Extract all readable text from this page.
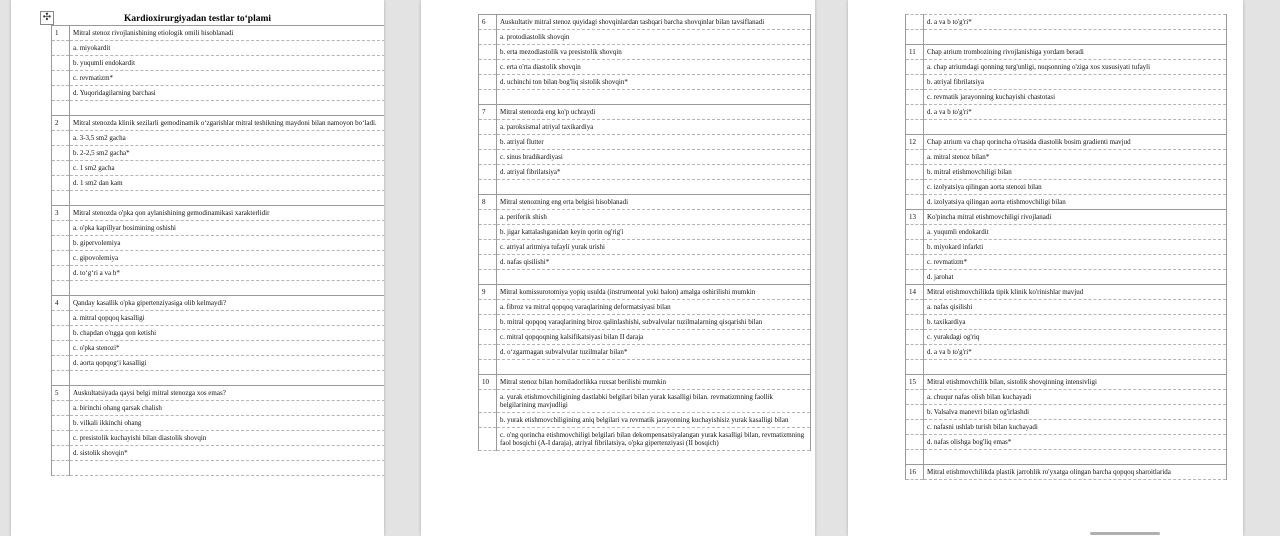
✣	Kardioxirurgiyadan testlar to‘plami
1	Mitral stenoz rivojlanishining etiologik omili hisoblanadi
	a. miyokardit
	b. yuqumli endokardit
	c. revmatizm*
	d. Yuqoridagilarning barchasi

2	Mitral stenozda klinik sezilarli gemodinamik o‘zgarishlar mitral teshikning maydoni bilan namoyon bo‘ladi.
	a. 3-3,5 sm2 gacha
	b. 2-2,5 sm2 gacha*
	c. 1 sm2 gacha
	d. 1 sm2 dan kam

3	Mitral stenozda o'pka qon aylanishining gemodinamikasi xarakterlidir
	a. o'pka kapillyar bosimining oshishi
	b. gipervolemiya
	c. gipovolemiya
	d. to‘g‘ri a va b*

4	Qanday kasallik o'pka gipertenziyasiga olib kelmaydi?
	a. mitral qopqoq kasalligi
	b. chapdan o'ngga qon ketishi
	c. o'pka stenozi*
	d. aorta qopqog‘i kasalligi

5	Auskultatsiyada qaysi belgi mitral stenozga xos emas?
	a. birinchi ohang qarsak chalish
	b. vilkali ikkinchi ohang
	c. presistolik kuchayishi bilan diastolik shovqin
	d. sistolik shovqin*

6	Auskultativ mitral stenoz quyidagi shovqinlardan tashqari barcha shovqinlar bilan tavsiflanadi
	a. protodiastolik shovqin
	b. erta mezodiastolik va presistolik shovqin
	c. erta o'rta diastolik shovqin
	d. uchinchi ton bilan bog'liq sistolik shovqin*

7	Mitral stenozda eng ko'p uchraydi
	a. paroksismal atriyal taxikardiya
	b. atriyal flutter
	c. sinus bradikardiyasi
	d. atriyal fibrilatsiya*

8	Mitral stenozning eng erta belgisi hisoblanadi
	a. periferik shish
	b. jigar kattalashganidan keyin qorin og'rig'i
	c. atriyal aritmiya tufayli yurak urishi
	d. nafas qisilishi*

9	Mitral komissurotomiya yopiq usulda (instrumental yoki balon) amalga oshirilishi mumkin
	a. fibroz va mitral qopqoq varaqlarining deformatsiyasi bilan
	b. mitral qopqoq varaqlarining biroz qalinlashishi, subvalvular tuzilmalarning qisqarishi bilan
	c. mitral qopqoqning kalsifikatsiyasi bilan II daraja
	d. o‘zgarmagan subvalvular tuzilmalar bilan*

10	Mitral stenoz bilan homiladorlikka ruxsat berilishi mumkin
	a. yurak etishmovchiligining dastlabki belgilari bilan yurak kasalligi bilan. revmatizmning faollik belgilarining mavjudligi
	b. yurak etishmovchiligining aniq belgilari va revmatik jarayonning kuchayishisiz yurak kasalligi bilan
	c. o'ng qorincha etishmovchiligi belgilari bilan dekompensatsiyalangan yurak kasalligi bilan, revmatizmning faol bosqichi (A-I daraja), atriyal fibrilatsiya, o'pka gipertenziyasi (II bosqich)
	d. a va b to'g'ri*

11	Chap atrium trombozining rivojlanishiga yordam beradi
	a. chap atriumdagi qonning turg'unligi, nuqsonning o'ziga xos xususiyati tufayli
	b. atriyal fibrilatsiya
	c. revmatik jarayonning kuchayishi chastotasi
	d. a va b to'g'ri*

12	Chap atrium va chap qorincha o'rtasida diastolik bosim gradienti mavjud
	a. mitral stenoz bilan*
	b. mitral etishmovchiligi bilan
	c. izolyatsiya qilingan aorta stenozi bilan
	d. izolyatsiya qilingan aorta etishmovchiligi bilan
13	Ko'pincha mitral etishmovchiligi rivojlanadi
	a. yuqumli endokardit
	b. miyokard infarkti
	c. revmatizm*
	d. jarohat
14	Mitral etishmovchilikda tipik klinik ko'rinishlar mavjud
	a. nafas qisilishi
	b. taxikardiya
	c. yurakdagi og'riq
	d. a va b to'g'ri*

15	Mitral etishmovchilik bilan, sistolik shovqinning intensivligi
	a. chuqur nafas olish bilan kuchayadi
	b. Valsalva manevri bilan og'irlashdi
	c. nafasni ushlab turish bilan kuchayadi
	d. nafas olishga bog'liq emas*

16	Mitral etishmovchilikda plastik jarrohlik ro'yxatga olingan barcha qopqoq sharoitlarida
